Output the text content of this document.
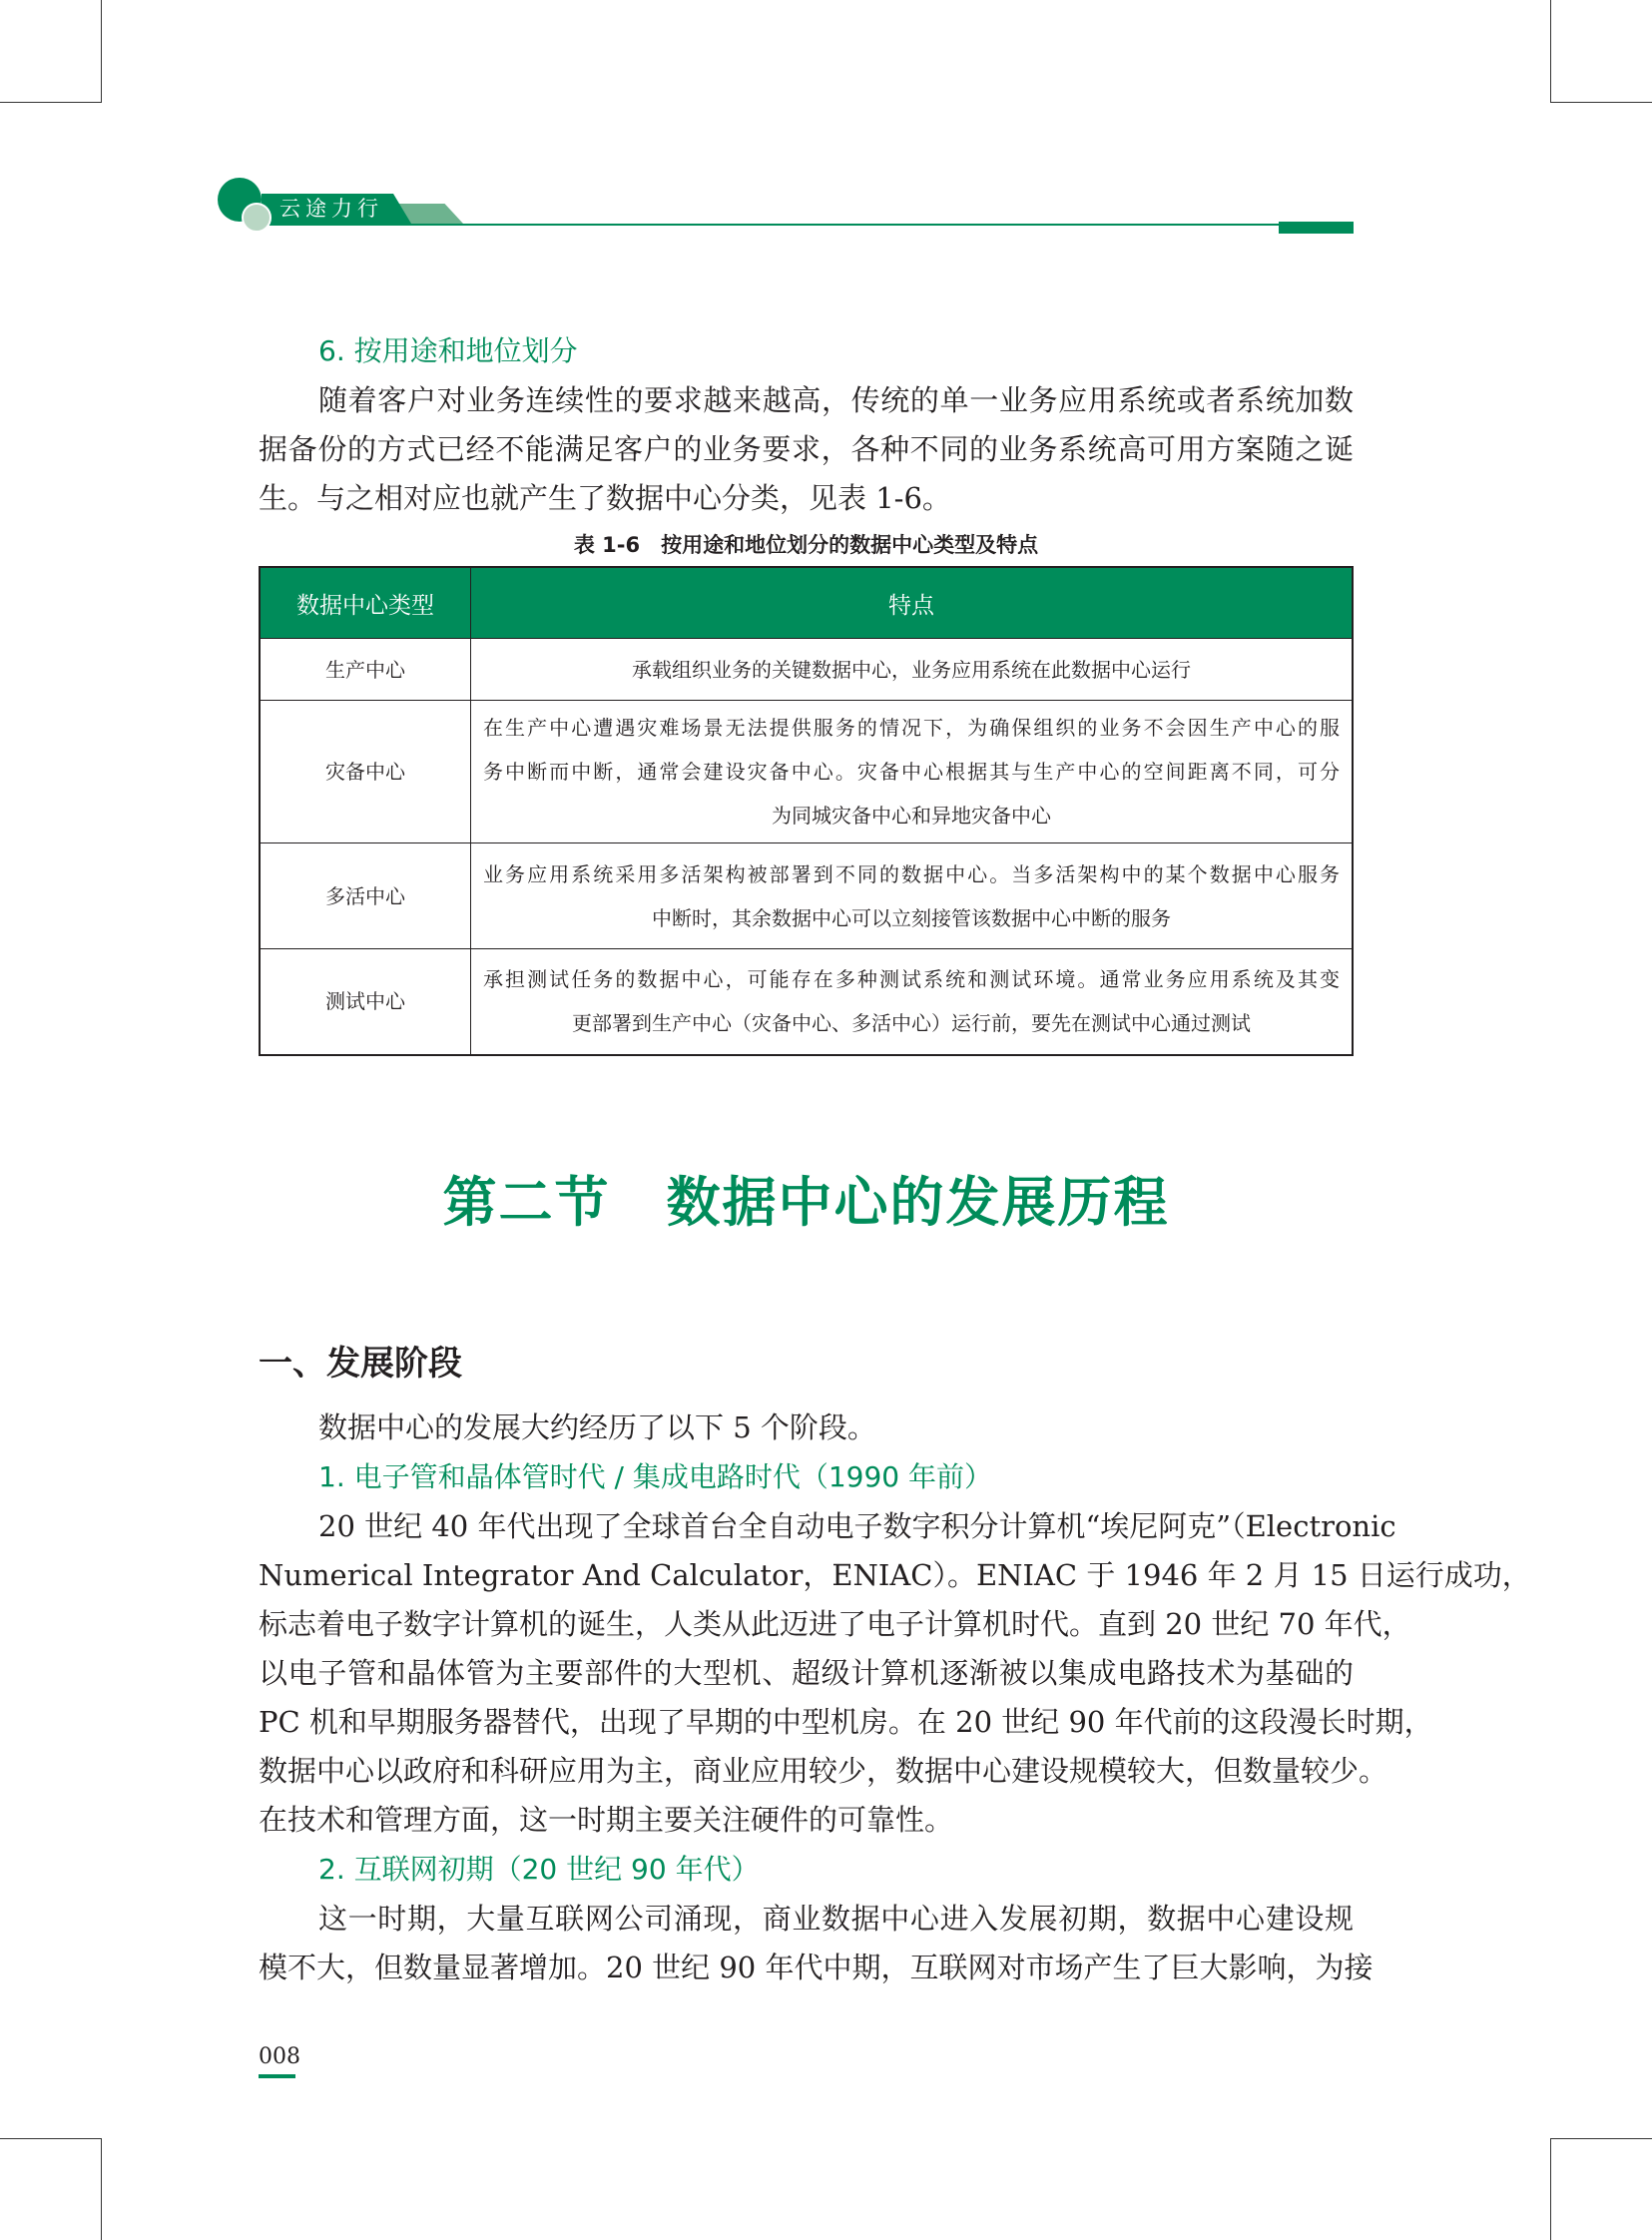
云途力行
6. 按用途和地位划分
随着客户对业务连续性的要求越来越高，传统的单一业务应用系统或者系统加数
据备份的方式已经不能满足客户的业务要求，各种不同的业务系统高可用方案随之诞
生。与之相对应也就产生了数据中心分类，见表 1-6。
表 1-6　按用途和地位划分的数据中心类型及特点
数据中心类型	特点
生产中心	承载组织业务的关键数据中心，业务应用系统在此数据中心运行

灾备中心	在生产中心遭遇灾难场景无法提供服务的情况下，为确保组织的业务不会因生产中心的服
务中断而中断，通常会建设灾备中心。灾备中心根据其与生产中心的空间距离不同，可分
为同城灾备中心和异地灾备中心

多活中心	业务应用系统采用多活架构被部署到不同的数据中心。当多活架构中的某个数据中心服务
中断时，其余数据中心可以立刻接管该数据中心中断的服务

测试中心	承担测试任务的数据中心，可能存在多种测试系统和测试环境。通常业务应用系统及其变
更部署到生产中心（灾备中心、多活中心）运行前，要先在测试中心通过测试
第二节　数据中心的发展历程
一、发展阶段
数据中心的发展大约经历了以下 5 个阶段。
1. 电子管和晶体管时代 / 集成电路时代（1990 年前）
20 世纪 40 年代出现了全球首台全自动电子数字积分计算机“埃尼阿克”（Electronic
Numerical Integrator And Calculator，ENIAC）。ENIAC 于 1946 年 2 月 15 日运行成功，
标志着电子数字计算机的诞生，人类从此迈进了电子计算机时代。直到 20 世纪 70 年代，
以电子管和晶体管为主要部件的大型机、超级计算机逐渐被以集成电路技术为基础的
PC 机和早期服务器替代，出现了早期的中型机房。在 20 世纪 90 年代前的这段漫长时期，
数据中心以政府和科研应用为主，商业应用较少，数据中心建设规模较大，但数量较少。
在技术和管理方面，这一时期主要关注硬件的可靠性。
2. 互联网初期（20 世纪 90 年代）
这一时期，大量互联网公司涌现，商业数据中心进入发展初期，数据中心建设规
模不大，但数量显著增加。20 世纪 90 年代中期，互联网对市场产生了巨大影响，为接
008
